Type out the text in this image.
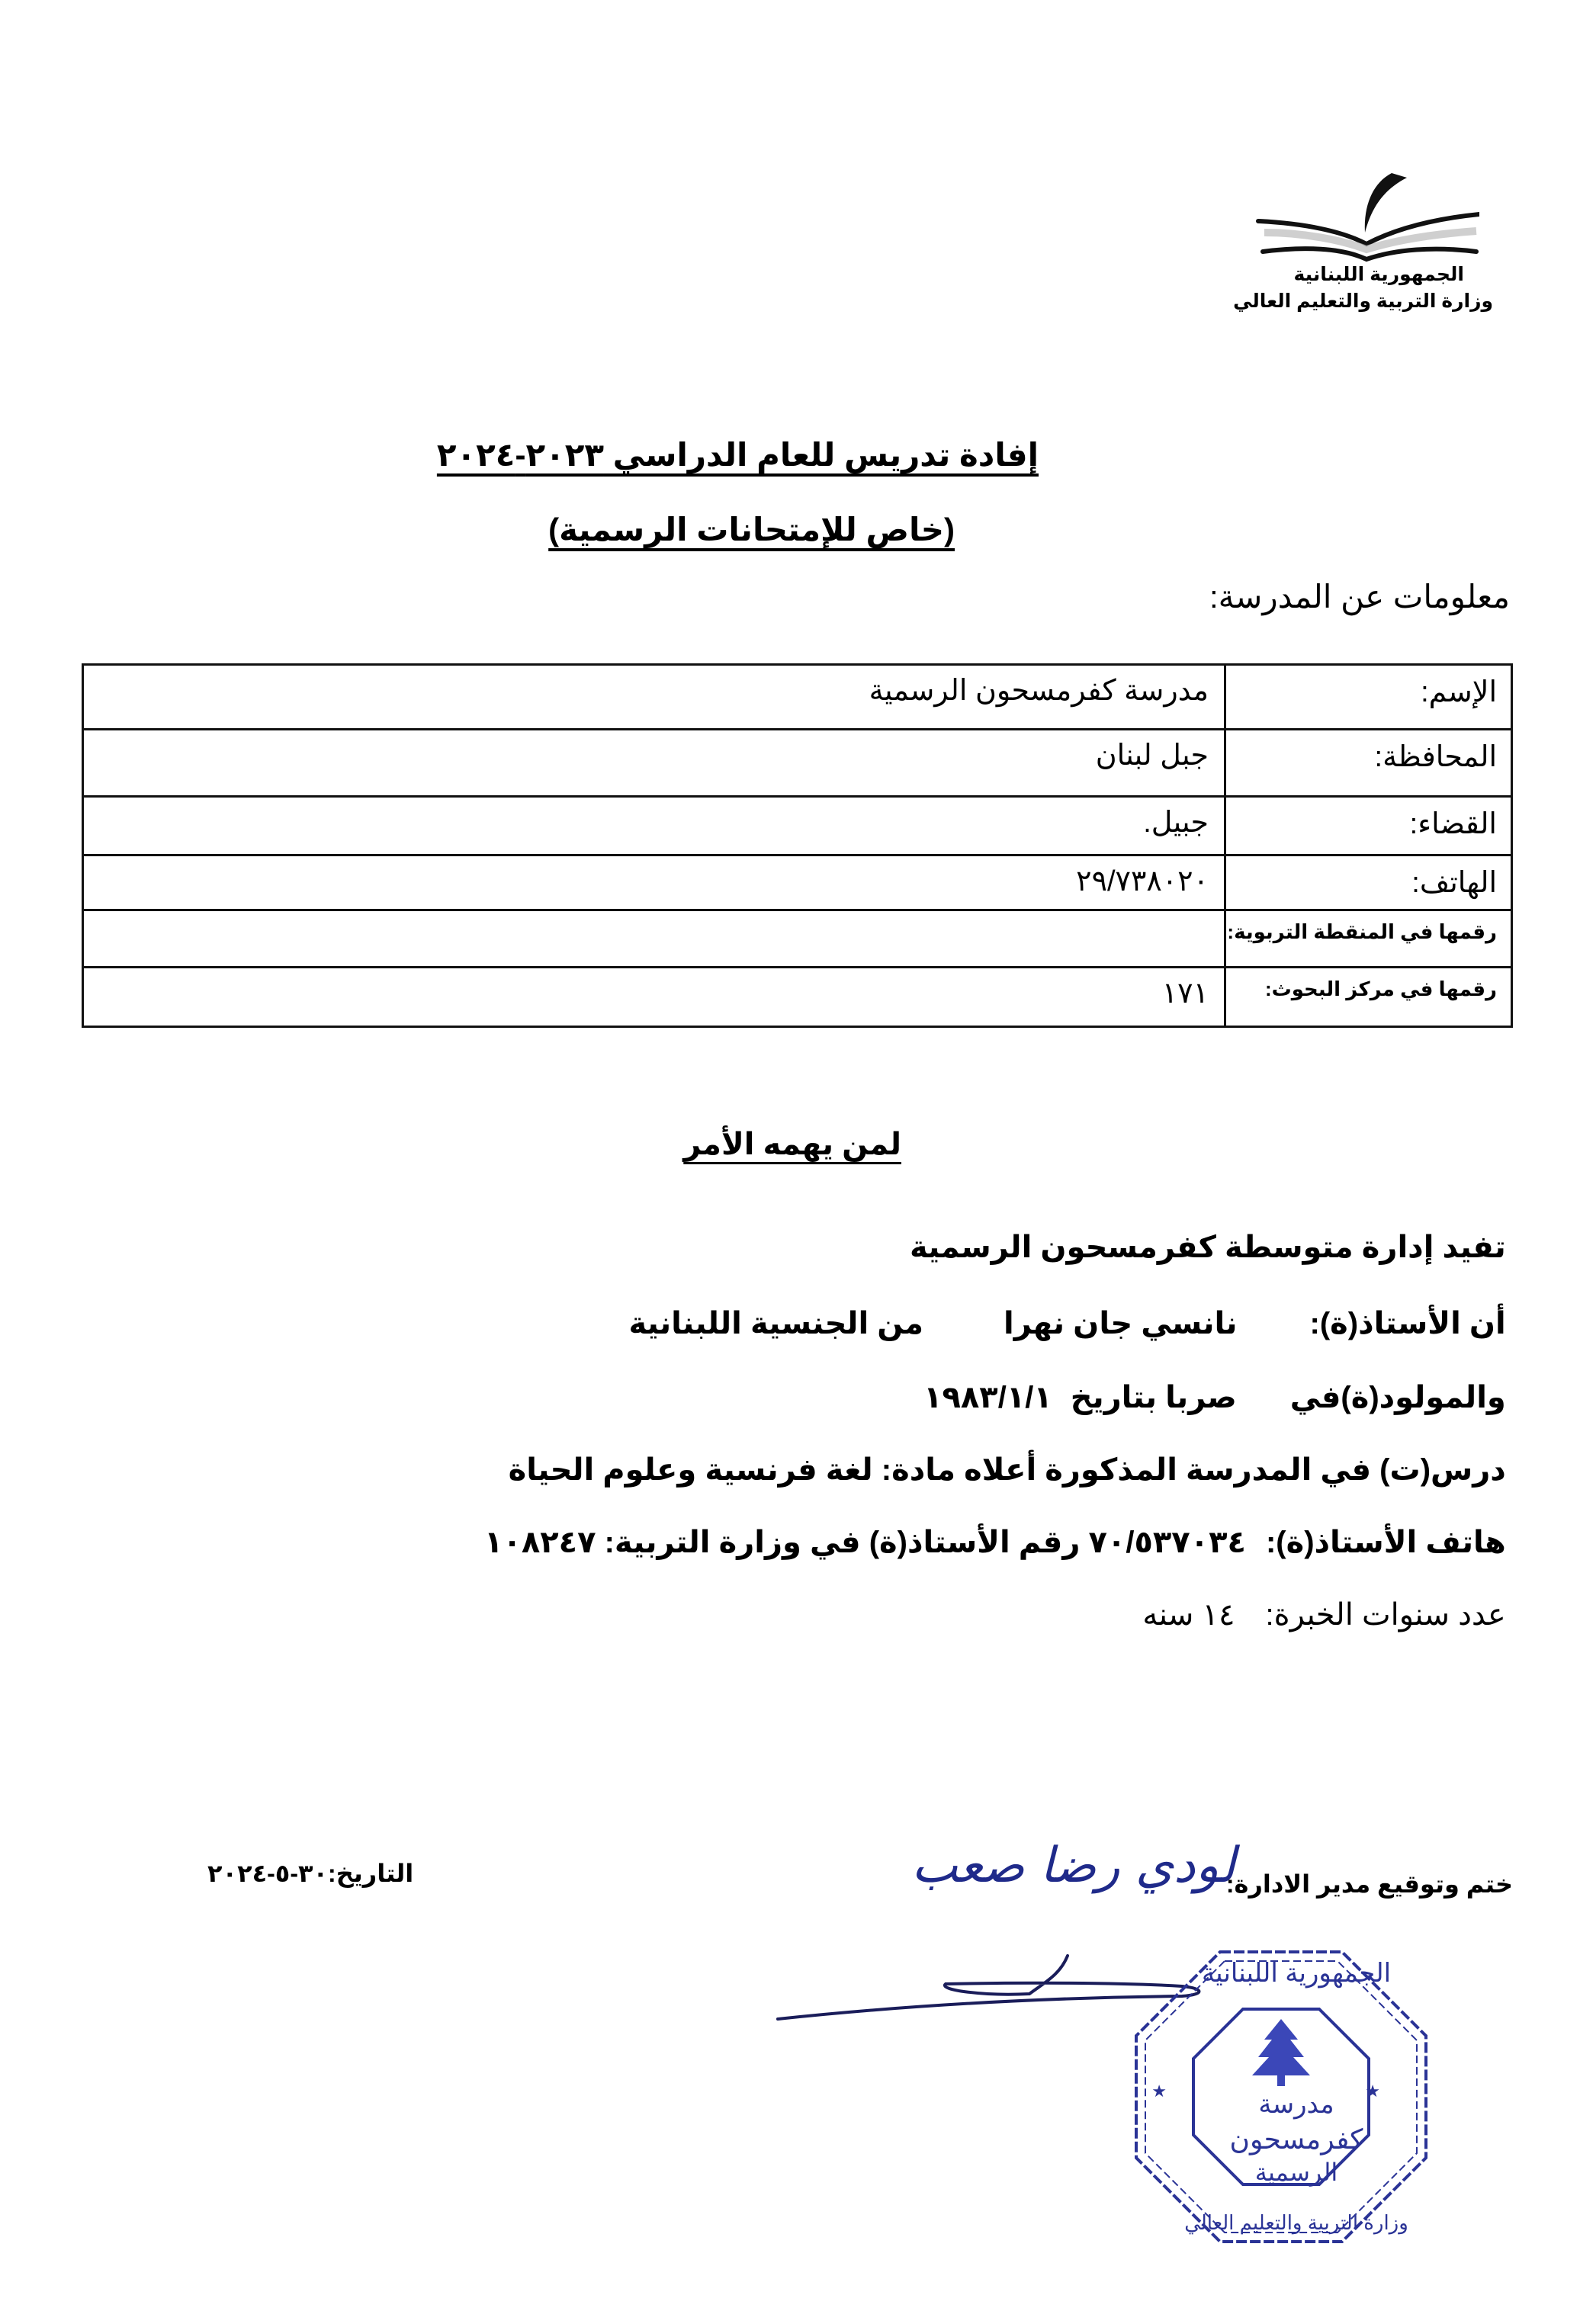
الجمهورية اللبنانية
وزارة التربية والتعليم العالي
إفادة تدريس للعام الدراسي ٢٠٢٣-٢٠٢٤
(خاص للإمتحانات الرسمية)
معلومات عن المدرسة:
الإسم:	مدرسة كفرمسحون الرسمية
المحافظة:	جبل لبنان
القضاء:	جبيل.
الهاتف:	٢٩/٧٣٨٠٢٠
رقمها في المنقطة التربوية:	
رقمها في مركز البحوث:	١٧١
لمن يهمه الأمر

تفيد إدارة متوسطة كفرمسحون الرسمية

أن الأستاذ(ة):نانسي جان نهرامن الجنسية اللبنانية

والمولود(ة)فيصربا بتاريخ١٩٨٣/١/١

درس(ت) في المدرسة المذكورة أعلاه مادة: لغة فرنسية وعلوم الحياة

هاتف الأستاذ(ة):٧٠/٥٣٧٠٣٤ رقم الأستاذ(ة) في وزارة التربية: ١٠٨٢٤٧

عدد سنوات الخبرة:١٤ سنه

ختم وتوقيع مدير الادارة:
التاريخ:٣٠-٥-٢٠٢٤	لودي رضا صعب
★	★
مدرسة
كفرمسحون
الرسمية
الجمهورية اللبنانية
وزارة التربية والتعليم العالي
